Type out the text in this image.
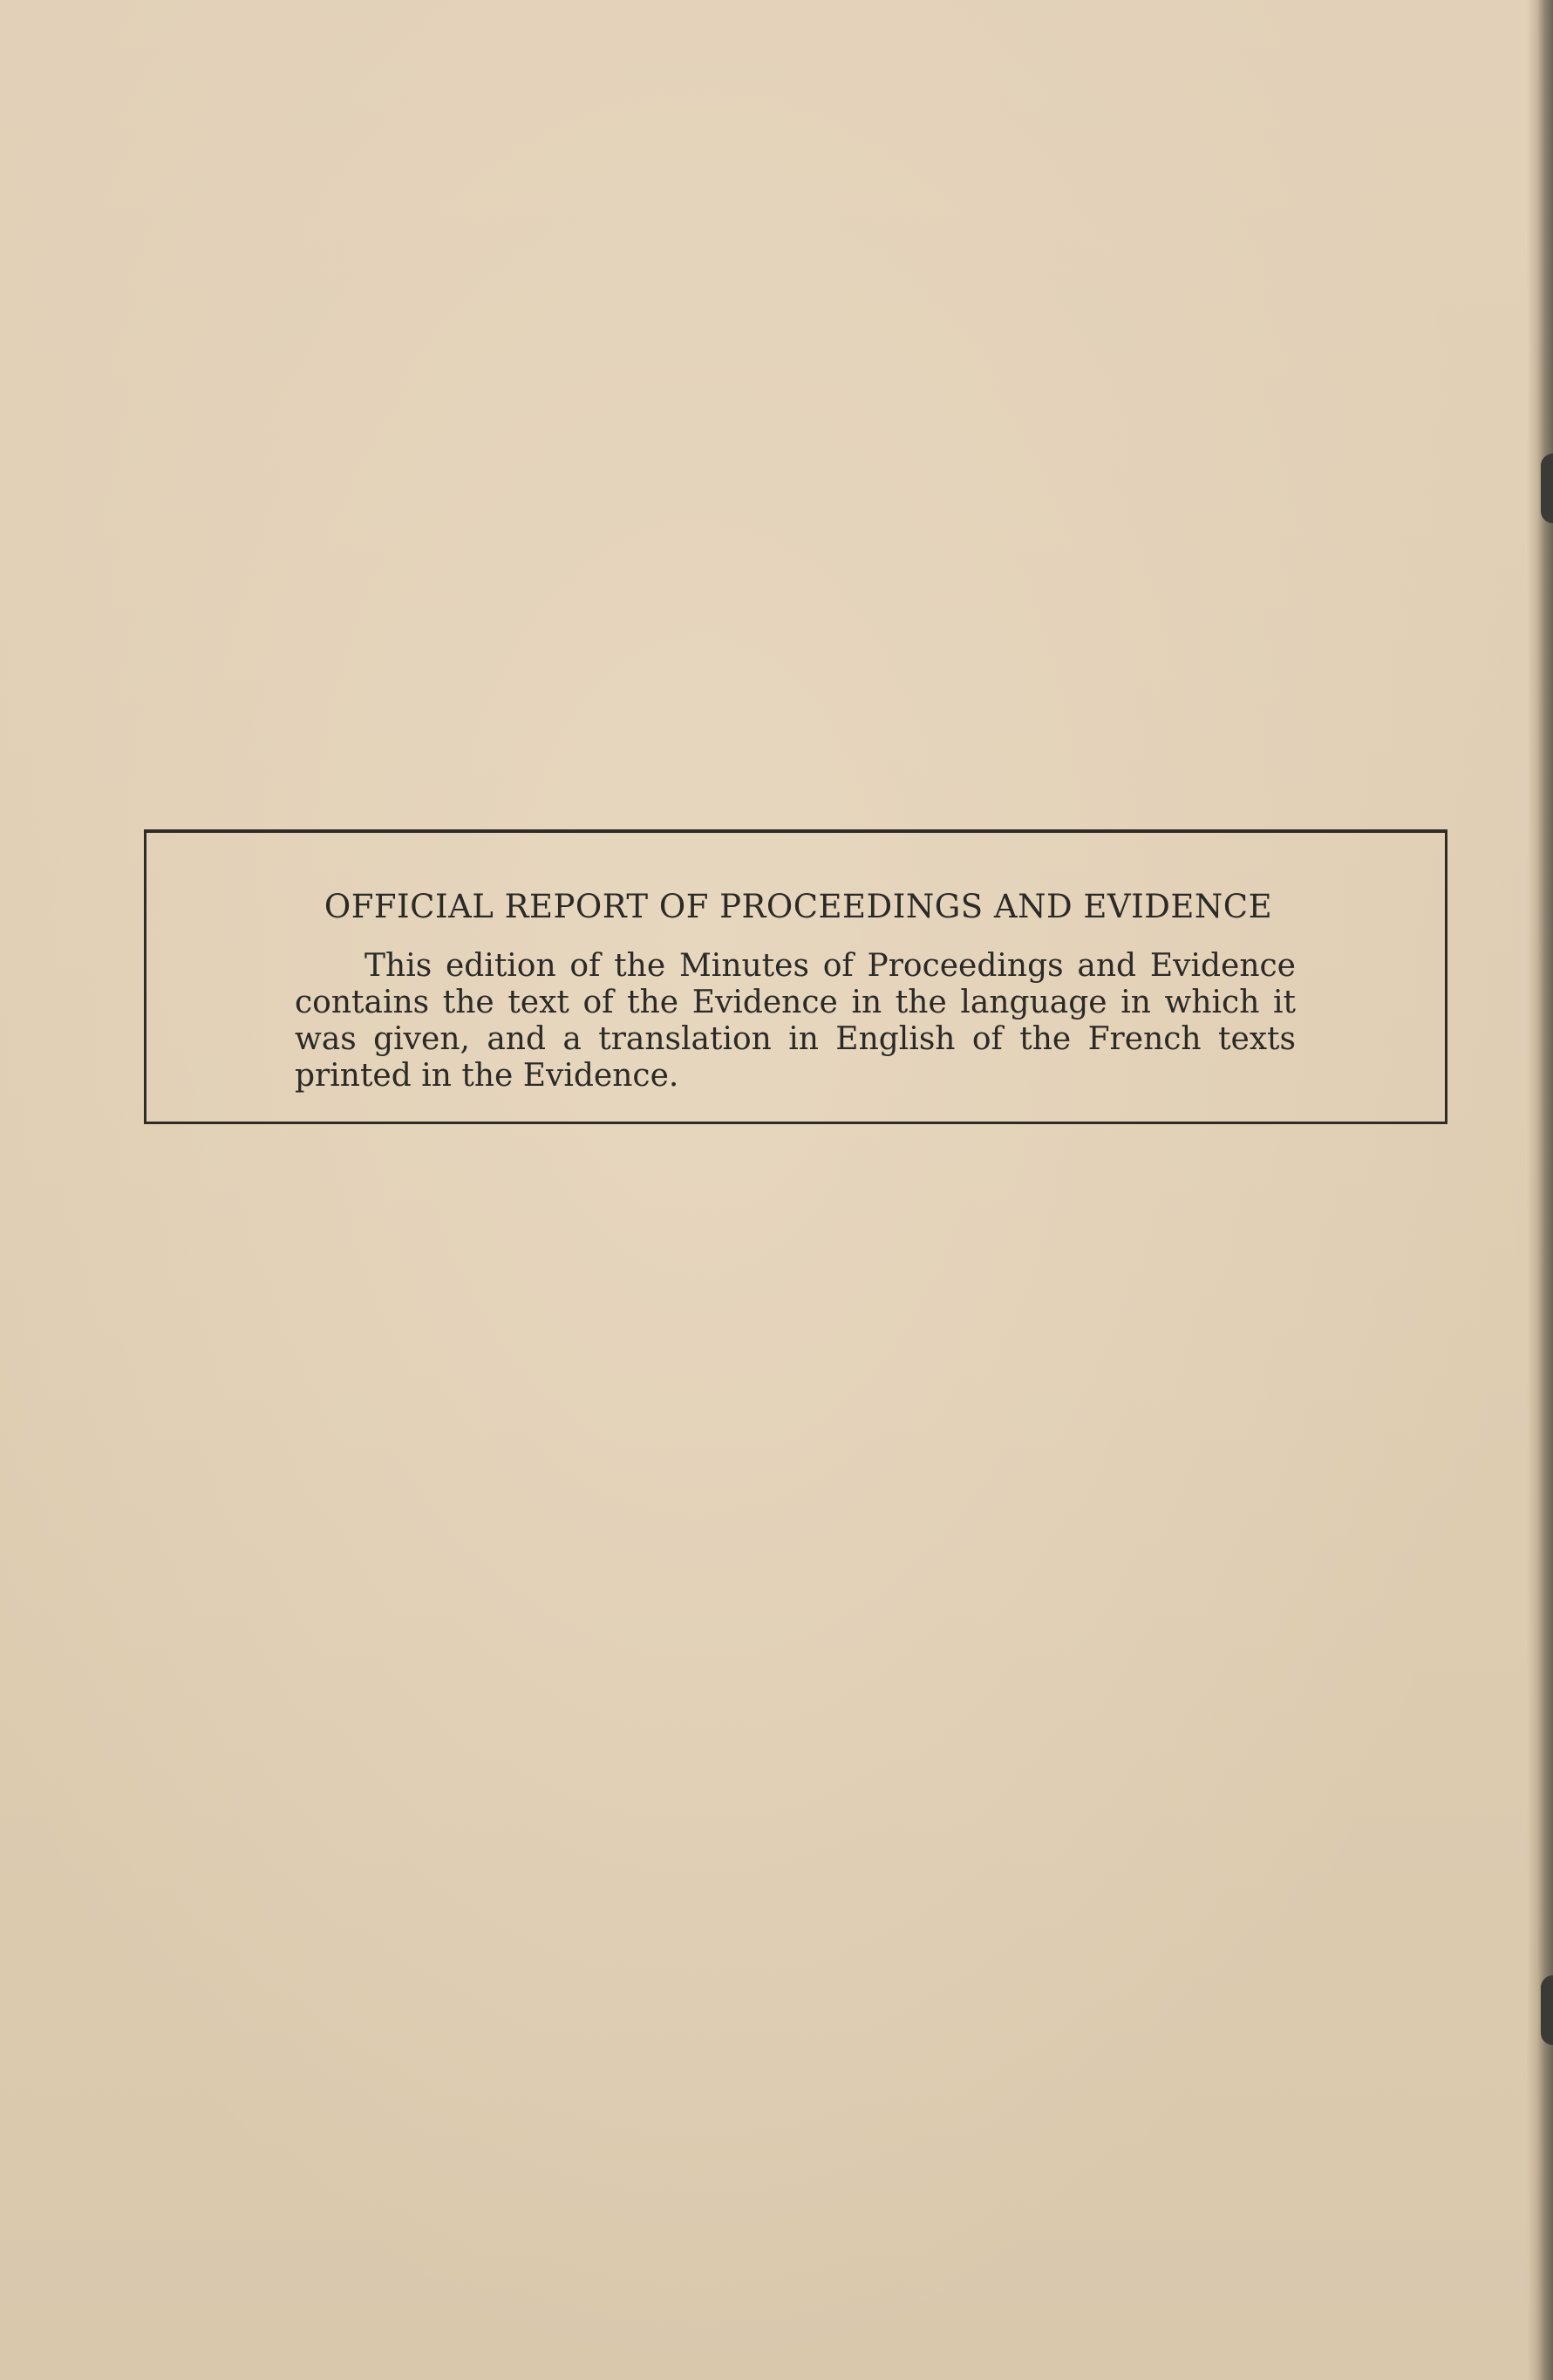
OFFICIAL REPORT OF PROCEEDINGS AND EVIDENCE

This edition of the Minutes of Proceedings and Evidence contains the text of the Evidence in the language in which it was given, and a translation in English of the French texts printed in the Evidence.
